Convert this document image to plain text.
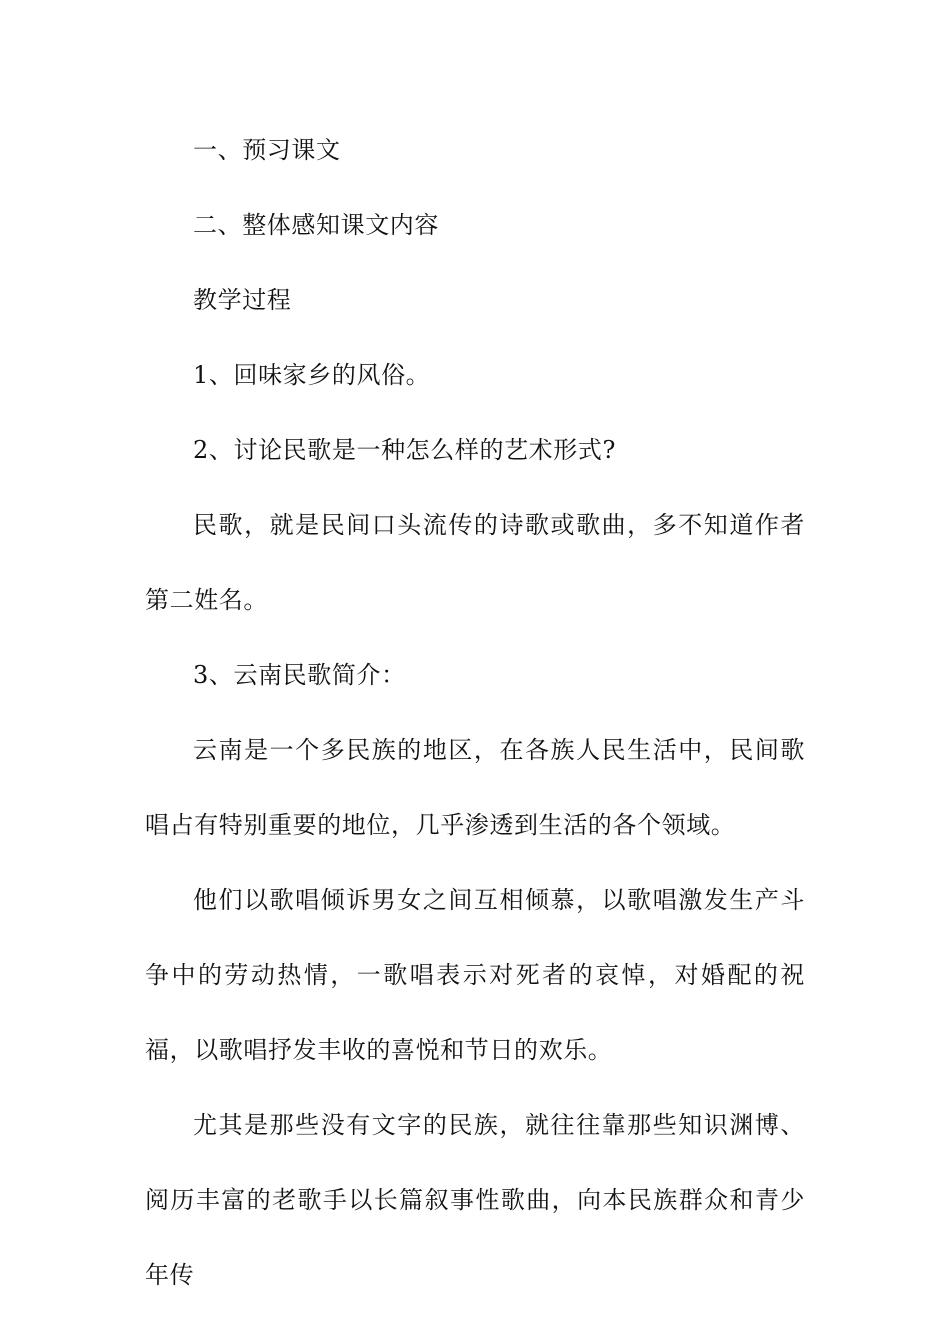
一、预习课文

二、整体感知课文内容

教学过程

1、回味家乡的风俗。

2、讨论民歌是一种怎么样的艺术形式?

民歌，就是民间口头流传的诗歌或歌曲，多不知道作者第二姓名。

3、云南民歌简介：

云南是一个多民族的地区，在各族人民生活中，民间歌唱占有特别重要的地位，几乎渗透到生活的各个领域。

他们以歌唱倾诉男女之间互相倾慕，以歌唱激发生产斗争中的劳动热情，一歌唱表示对死者的哀悼，对婚配的祝福，以歌唱抒发丰收的喜悦和节日的欢乐。

尤其是那些没有文字的民族，就往往靠那些知识渊博、阅历丰富的老歌手以长篇叙事性歌曲，向本民族群众和青少年传
